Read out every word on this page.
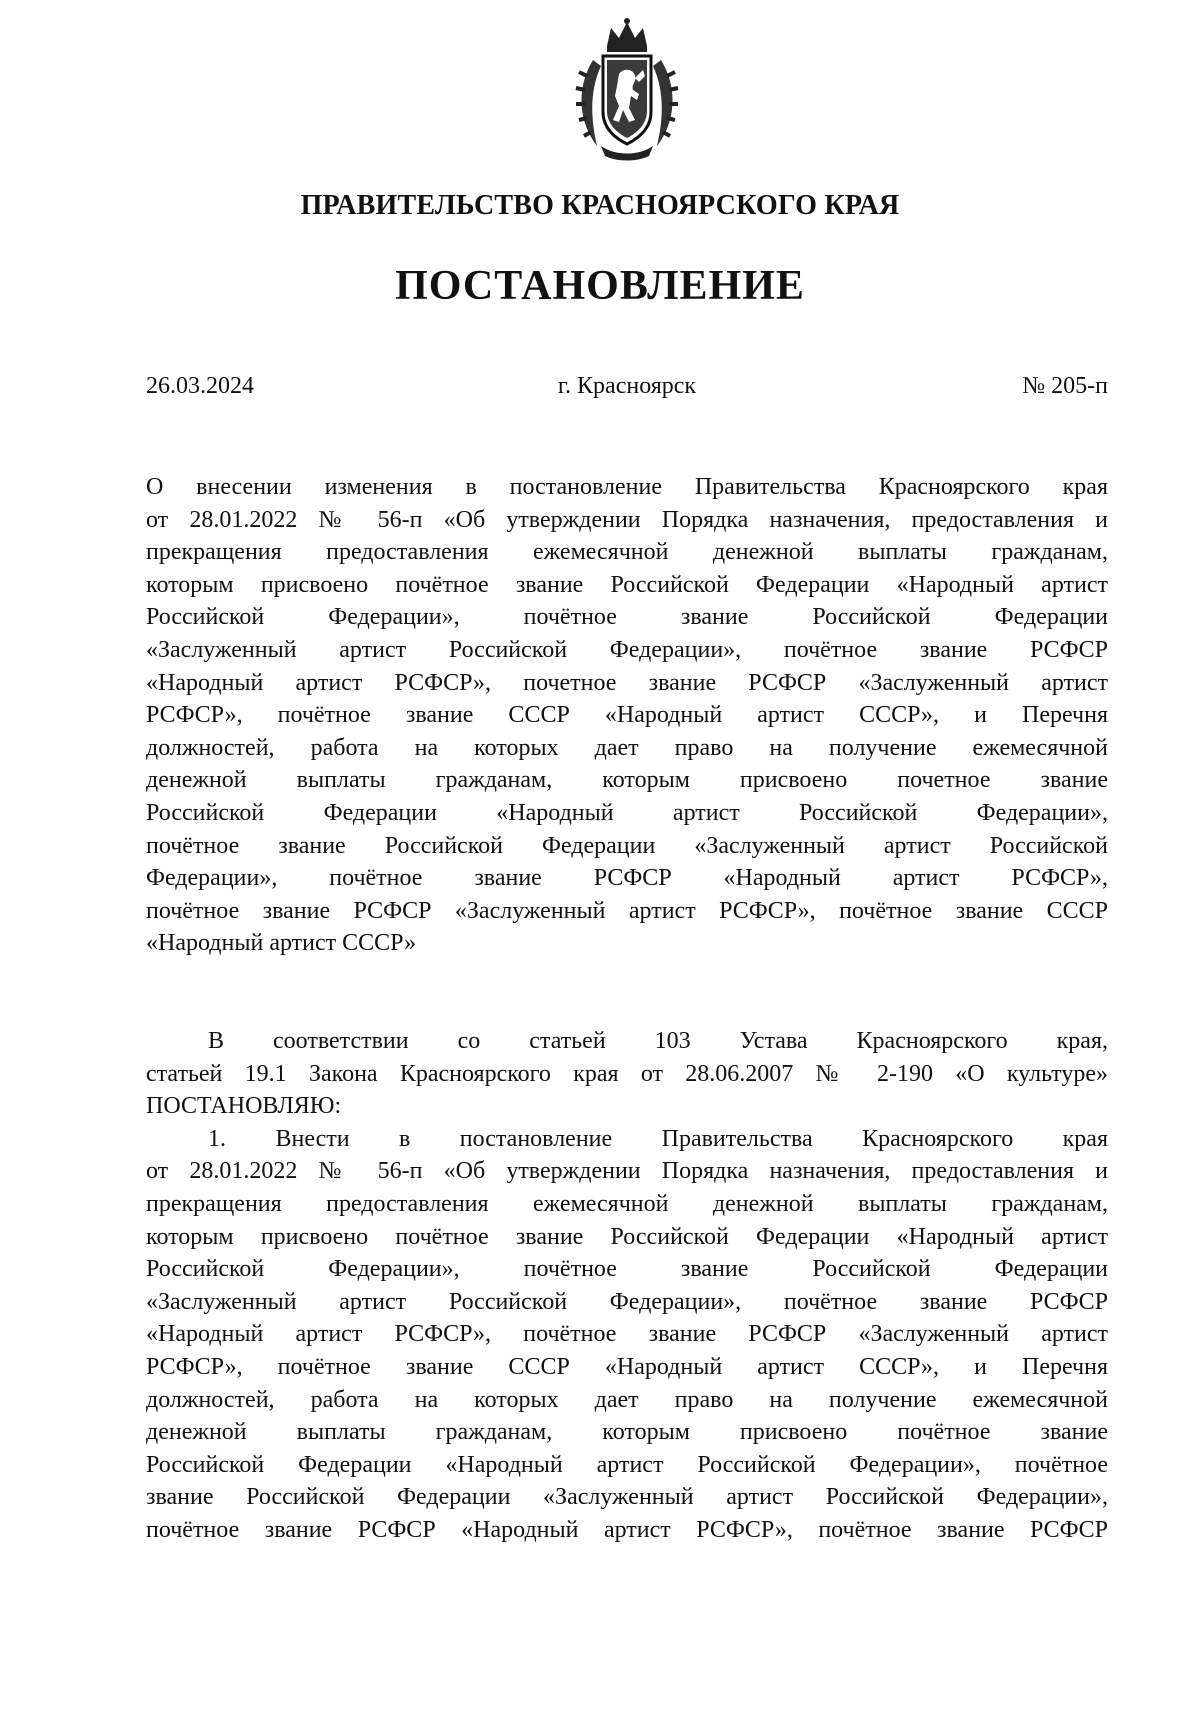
ПРАВИТЕЛЬСТВО КРАСНОЯРСКОГО КРАЯ
ПОСТАНОВЛЕНИЕ
26.03.2024	г. Красноярск	№ 205-п
О внесении изменения в постановление Правительства Красноярского края
от 28.01.2022 № 56-п «Об утверждении Порядка назначения, предоставления и
прекращения предоставления ежемесячной денежной выплаты гражданам,
которым присвоено почётное звание Российской Федерации «Народный артист
Российской Федерации», почётное звание Российской Федерации
«Заслуженный артист Российской Федерации», почётное звание РСФСР
«Народный артист РСФСР», почетное звание РСФСР «Заслуженный артист
РСФСР», почётное звание СССР «Народный артист СССР», и Перечня
должностей, работа на которых дает право на получение ежемесячной
денежной выплаты гражданам, которым присвоено почетное звание
Российской Федерации «Народный артист Российской Федерации»,
почётное звание Российской Федерации «Заслуженный артист Российской
Федерации», почётное звание РСФСР «Народный артист РСФСР»,
почётное звание РСФСР «Заслуженный артист РСФСР», почётное звание СССР
«Народный артист СССР»
В соответствии со статьей 103 Устава Красноярского края,
статьей 19.1 Закона Красноярского края от 28.06.2007 № 2-190 «О культуре»
ПОСТАНОВЛЯЮ:
1. Внести в постановление Правительства Красноярского края
от 28.01.2022 № 56-п «Об утверждении Порядка назначения, предоставления и
прекращения предоставления ежемесячной денежной выплаты гражданам,
которым присвоено почётное звание Российской Федерации «Народный артист
Российской Федерации», почётное звание Российской Федерации
«Заслуженный артист Российской Федерации», почётное звание РСФСР
«Народный артист РСФСР», почётное звание РСФСР «Заслуженный артист
РСФСР», почётное звание СССР «Народный артист СССР», и Перечня
должностей, работа на которых дает право на получение ежемесячной
денежной выплаты гражданам, которым присвоено почётное звание
Российской Федерации «Народный артист Российской Федерации», почётное
звание Российской Федерации «Заслуженный артист Российской Федерации»,
почётное звание РСФСР «Народный артист РСФСР», почётное звание РСФСР
